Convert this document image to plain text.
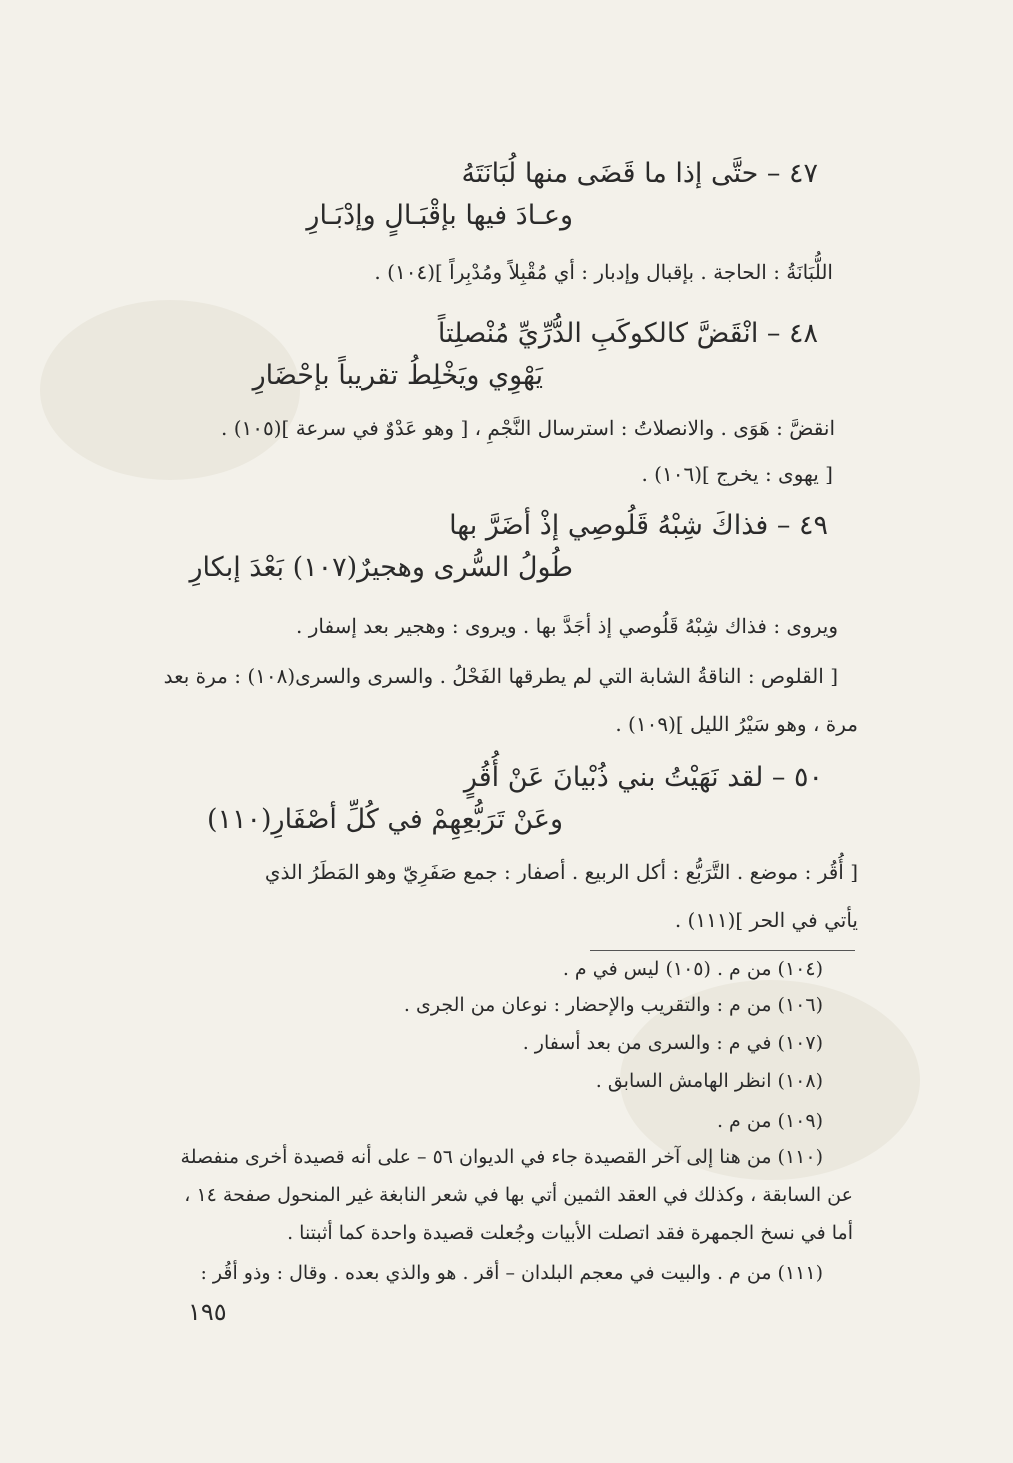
٤٧ – حتَّى إذا ما قَضَى منها لُبَانَتَهُ
وعـادَ فيها بإقْبَـالٍ وإدْبَـارِ
اللُّبَانَةُ : الحاجة . بإقبال وإدبار : أي مُقْبِلاً ومُدْبِراً ](١٠٤) .
٤٨ – انْقَضَّ كالكوكَبِ الدُّرِّيِّ مُنْصلِتاً
يَهْوِي ويَخْلِطُ تقريباً بإحْضَارِ
انقضَّ : هَوَى . والانصلاتُ : استرسال النَّجْمِ ، [ وهو عَدْوٌ في سرعة ](١٠٥) .
[ يهوى : يخرج ](١٠٦) .
٤٩ – فذاكَ شِبْهُ قَلُوصِي إذْ أضَرَّ بها
طُولُ السُّرى وهجيرٌ(١٠٧) بَعْدَ إبكارِ
ويروى : فذاك شِبْهُ قَلُوصي إذ أجَدَّ بها . ويروى : وهجير بعد إسفار .
[ القلوص : الناقةُ الشابة التي لم يطرقها الفَحْلُ . والسرى والسرى(١٠٨) : مرة بعد
مرة ، وهو سَيْرُ الليل ](١٠٩) .
٥٠ – لقد نَهَيْتُ بني ذُبْيانَ عَنْ أُقُرٍ
وعَنْ تَرَبُّعِهِمْ في كُلِّ أصْفَارِ(١١٠)
[ أُقُر : موضع . التَّرَبُّع : أكل الربيع . أصفار : جمع صَفَرِيّ وهو المَطَرُ الذي
يأتي في الحر ](١١١) .
(١٠٤) من م . (١٠٥) ليس في م .
(١٠٦) من م : والتقريب والإحضار : نوعان من الجرى .
(١٠٧) في م : والسرى من بعد أسفار .
(١٠٨) انظر الهامش السابق .
(١٠٩) من م .
(١١٠) من هنا إلى آخر القصيدة جاء في الديوان ٥٦ – على أنه قصيدة أخرى منفصلة
عن السابقة ، وكذلك في العقد الثمين أتي بها في شعر النابغة غير المنحول صفحة ١٤ ،
أما في نسخ الجمهرة فقد اتصلت الأبيات وجُعلت قصيدة واحدة كما أثبتنا .
(١١١) من م . والبيت في معجم البلدان – أقر . هو والذي بعده . وقال : وذو أقُر :
١٩٥
